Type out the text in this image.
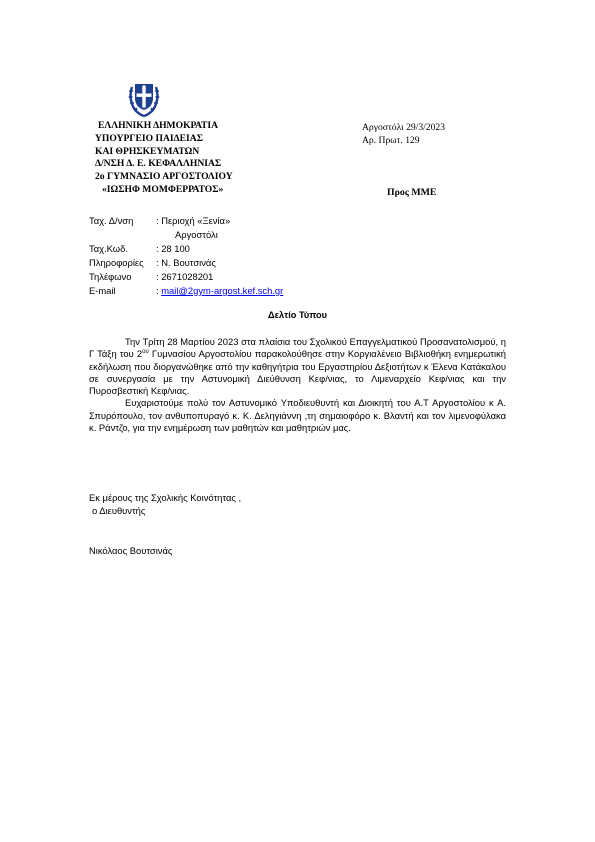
ΕΛΛΗΝΙΚΗ ΔΗΜΟΚΡΑΤΙΑ
ΥΠΟΥΡΓΕΙΟ ΠΑΙΔΕΙΑΣ
ΚΑΙ ΘΡΗΣΚΕΥΜΑΤΩΝ
Δ/ΝΣΗ Δ. Ε. ΚΕΦΑΛΛΗΝΙΑΣ
2ο ΓΥΜΝΑΣΙΟ ΑΡΓΟΣΤΟΛΙΟΥ
«ΙΩΣΗΦ ΜΟΜΦΕΡΡΑΤΟΣ»
Αργοστόλι 29/3/2023
Αρ. Πρωτ. 129
Προς ΜΜΕ
Ταχ. Δ/νση : Περιοχή «Ξενία»
Αργοστόλι
Ταχ.Κωδ.	: 28 100
Πληροφορίες : Ν. Βουτσινάς
Τηλέφωνο	: 2671028201
E-mail	: mail@2gym-argost.kef.sch.gr
Δελτίο Τύπου

Την Τρίτη 28 Μαρτίου 2023 στα πλαίσια του Σχολικού Επαγγελματικού Προσανατολισμού, η Γ Τάξη του $2^{o\upsilon}$ Γυμνασίου Αργοστολίου παρακολούθησε στην Κοργιαλένειο Βιβλιοθήκη ενημερωτική εκδήλωση που διοργανώθηκε από την καθηγήτρια του Εργαστηρίου Δεξιοτήτων κ Έλενα Κατάκαλου σε συνεργασία με την Αστυνομική Διεύθυνση Κεφ/νιας, το Λιμεναρχείο Κεφ/νιας και την Πυροσβεστική Κεφ/νιας.

Ευχαριστούμε πολύ τον Αστυνομικό Υποδιευθυντή και Διοικητή του Α.Τ Αργοστολίου κ Α. Σπυρόπουλο, τον ανθυποπυραγό κ. Κ. Δεληγιάννη ,τη σημαιοφόρο κ. Βλαντή και τον λιμενοφύλακα κ. Ράντζο, για την ενημέρωση των μαθητών και μαθητριών μας.

Εκ μέρους της Σχολικής Κοινότητας ,
ο Διευθυντής
Νικόλαος Βουτσινάς
